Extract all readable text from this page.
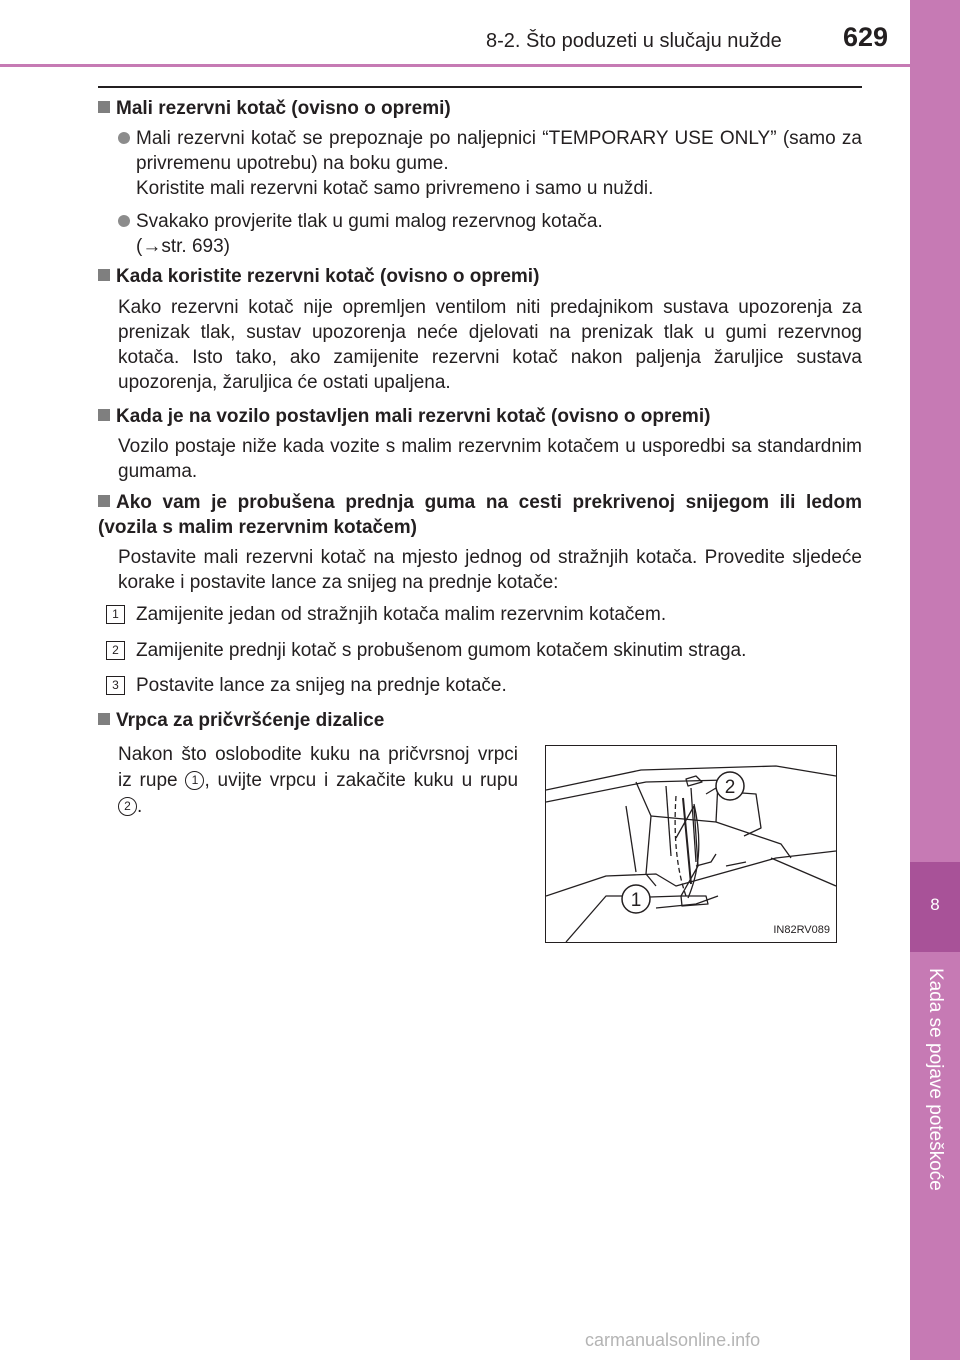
8-2. Što poduzeti u slučaju nužde 629
8
Kada se pojave poteškoće
Mali rezervni kotač (ovisno o opremi)
Mali rezervni kotač se prepoznaje po naljepnici “TEMPORARY USE ONLY” (samo za privremenu upotrebu) na boku gume.
Koristite mali rezervni kotač samo privremeno i samo u nuždi.
Svakako provjerite tlak u gumi malog rezervnog kotača.
(→str. 693)
Kada koristite rezervni kotač (ovisno o opremi)
Kako rezervni kotač nije opremljen ventilom niti predajnikom sustava upozorenja za prenizak tlak, sustav upozorenja neće djelovati na prenizak tlak u gumi rezervnog kotača. Isto tako, ako zamijenite rezervni kotač nakon paljenja žaruljice sustava upozorenja, žaruljica će ostati upaljena.
Kada je na vozilo postavljen mali rezervni kotač (ovisno o opremi)
Vozilo postaje niže kada vozite s malim rezervnim kotačem u usporedbi sa standardnim gumama.
Ako vam je probušena prednja guma na cesti prekrivenoj snijegom ili ledom (vozila s malim rezervnim kotačem)
Postavite mali rezervni kotač na mjesto jednog od stražnjih kotača. Provedite sljedeće korake i postavite lance za snijeg na prednje kotače:
1 Zamijenite jedan od stražnjih kotača malim rezervnim kotačem.
2 Zamijenite prednji kotač s probušenom gumom kotačem skinutim straga.
3 Postavite lance za snijeg na prednje kotače.
Vrpca za pričvršćenje dizalice
Nakon što oslobodite kuku na pričvrsnoj vrpci iz rupe 1 , uvijte vrpcu i zakačite kuku u rupu 2 .
2
1
IN82RV089
carmanualsonline.info
